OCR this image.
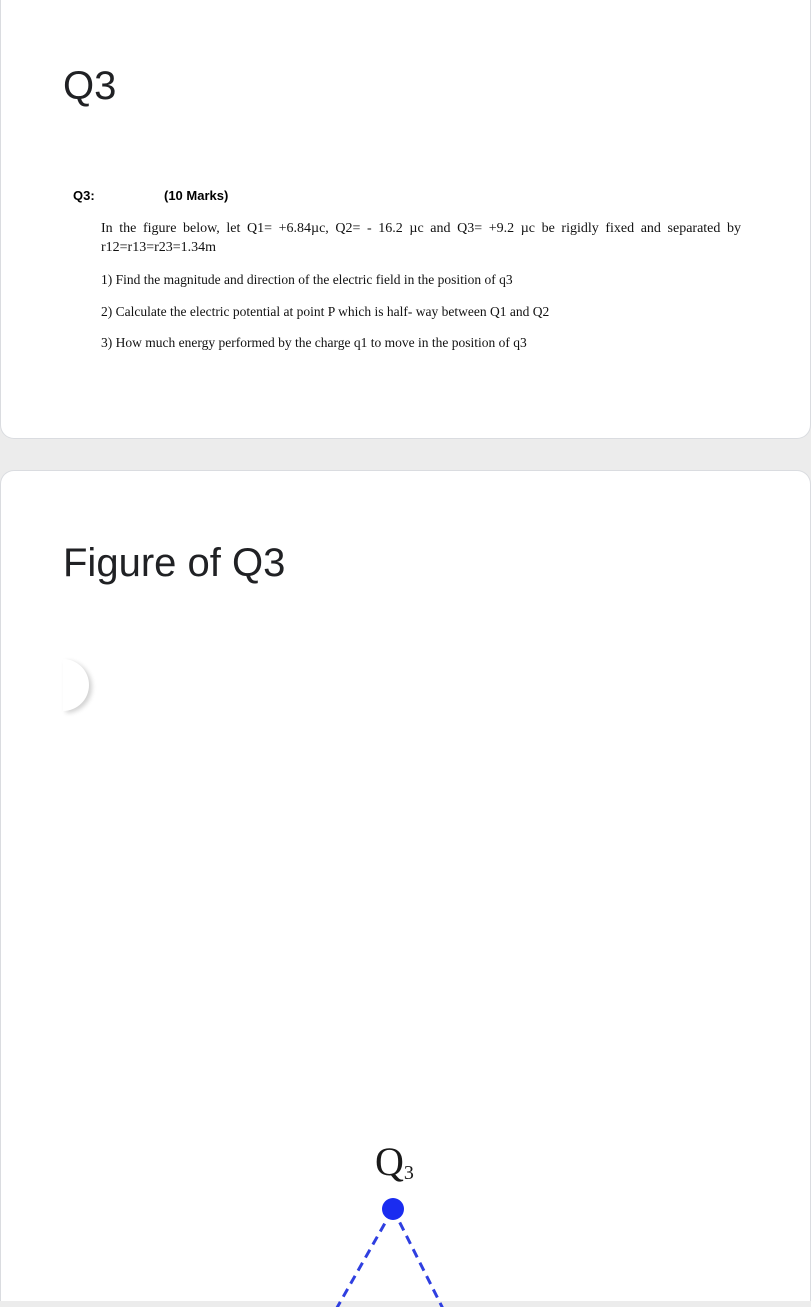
Q3
Q3:	(10 Marks)
In the figure below, let Q1= +6.84µc, Q2= - 16.2 µc and Q3= +9.2 µc be rigidly fixed and separated by r12=r13=r23=1.34m
1) Find the magnitude and direction of the electric field in the position of q3
2) Calculate the electric potential at point P which is half- way between Q1 and Q2
3) How much energy performed by the charge q1 to move in the position of q3
Figure of Q3
Q3
